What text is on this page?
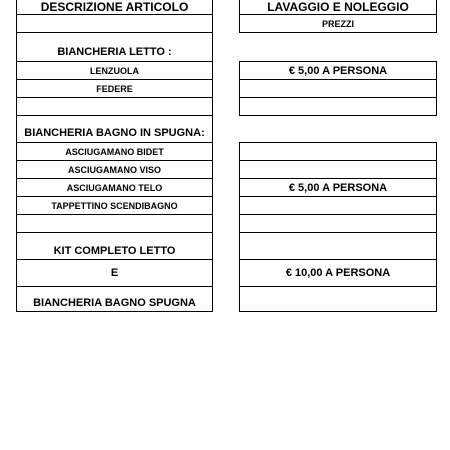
DESCRIZIONE ARTICOLO
BIANCHERIA LETTO :
LENZUOLA
FEDERE
BIANCHERIA BAGNO IN SPUGNA:
ASCIUGAMANO BIDET
ASCIUGAMANO VISO
ASCIUGAMANO TELO
TAPPETTINO SCENDIBAGNO
KIT COMPLETO LETTO
E
BIANCHERIA BAGNO SPUGNA
LAVAGGIO E NOLEGGIO
PREZZI
€ 5,00 A PERSONA
€ 5,00 A PERSONA
€ 10,00 A PERSONA
